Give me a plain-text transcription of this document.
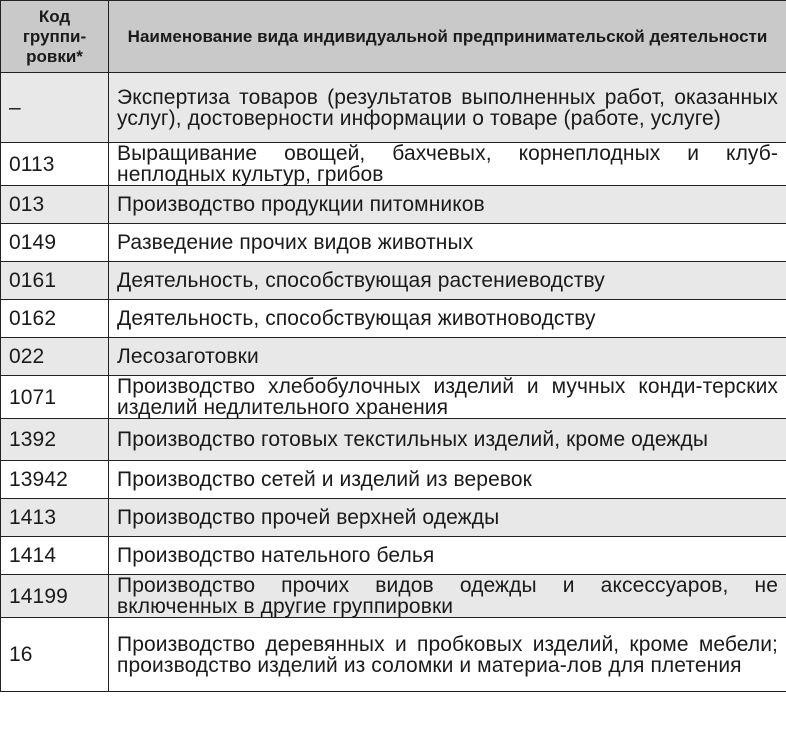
Код группи-ровки*	Наименование вида индивидуальной предпринимательской деятельности
–	Экспертиза товаров (результатов выполненных работ, оказанных услуг), достоверности информации о товаре (работе, услуге)
0113	Выращивание овощей, бахчевых, корнеплодных и клуб-неплодных культур, грибов
013	Производство продукции питомников
0149	Разведение прочих видов животных
0161	Деятельность, способствующая растениеводству
0162	Деятельность, способствующая животноводству
022	Лесозаготовки
1071	Производство хлебобулочных изделий и мучных конди-терских изделий недлительного хранения
1392	Производство готовых текстильных изделий, кроме одежды
13942	Производство сетей и изделий из веревок
1413	Производство прочей верхней одежды
1414	Производство нательного белья
14199	Производство прочих видов одежды и аксессуаров, не включенных в другие группировки
16	Производство деревянных и пробковых изделий, кроме мебели; производство изделий из соломки и материа-лов для плетения
